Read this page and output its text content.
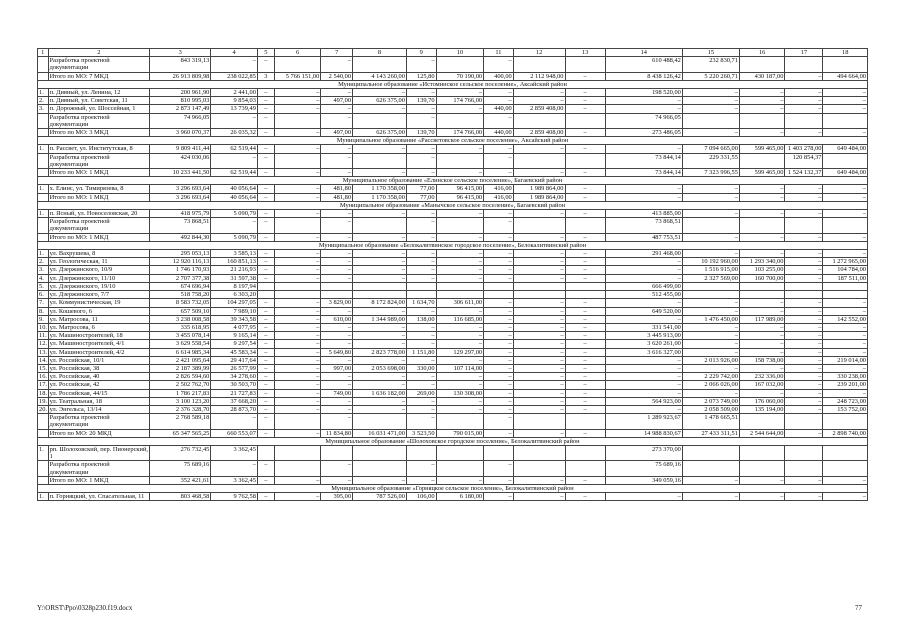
1	2	3	4	5	6	7	8	9	10	11	12	13	14	15	16	17	18
	Разработка проектной документации	843 319,13	–	–		–		–		–			610 488,42	232 830,71			
	Итого по МО: 7 МКД	26 913 809,98	238 022,85	3	5 766 151,00	2 540,00	4 143 260,00	125,80	70 190,00	400,00	2 112 948,00	–	8 438 126,42	5 220 260,71	430 187,00	–	494 664,00
Муниципальное образование «Истоминское сельское поселение», Аксайский район																	
1.	п. Дивный, ул. Ленина, 12	200 961,90	2 441,00	–	–	–	–	–	–	–	–	–	198 520,00	–	–	–	–
2.	п. Дивный, ул. Советская, 11	810 995,03	9 854,03	–	–	497,00	626 375,00	139,70	174 766,00	–	–	–	–	–	–	–	–
3.	п. Дорожный, ул. Шоссейная, 1	2 873 147,49	13 739,49	–	–	–	–	–	–	440,00	2 859 408,00	–	–	–	–	–	–
	Разработка проектной документации	74 966,05	–	–		–		–		–			74 966,05				
	Итого по МО: 3 МКД	3 960 070,37	26 035,32	–	–	497,00	626 375,00	139,70	174 766,00	440,00	2 859 408,00	–	273 486,05	–	–	–	–
Муниципальное образование «Рассветовское сельское поселение», Аксайский район																	
1.	п. Рассвет, ул. Институтская, 8	9 809 411,44	62 519,44	–	–	–	–	–	–	–	–	–	–	7 094 665,00	599 465,00	1 403 278,00	649 484,00
	Разработка проектной документации	424 030,06	–	–		–		–		–			73 844,14	229 331,55		120 854,37	
	Итого по МО: 1 МКД	10 233 441,50	62 519,44	–	–	–	–	–	–	–	–	–	73 844,14	7 323 996,55	599 465,00	1 524 132,37	649 484,00
Муниципальное образование «Елинское сельское поселение», Багаевский район																	
1.	х. Елинс, ул. Тимирязева, 8	3 296 693,64	40 056,64	–	–	481,80	1 170 358,00	77,00	96 415,00	416,00	1 989 864,00	–	–	–	–	–	–
	Итого по МО: 1 МКД	3 296 693,64	40 056,64	–	–	481,80	1 170 358,00	77,00	96 415,00	416,00	1 989 864,00	–	–	–	–	–	–
Муниципальное образование «Манычское сельское поселение», Багаевский район																	
1.	п. Ясный, ул. Новоселовская, 20	418 975,79	5 090,79	–	–	–	–	–	–	–	–	–	413 885,00	–	–	–	–
	Разработка проектной документации	73 868,51	–	–		–		–		–			73 868,51				
	Итого по МО: 1 МКД	492 844,30	5 090,79	–	–	–	–	–	–	–	–	–	487 753,51	–	–	–	–
Муниципальное образование «Белокалитвинское городское поселение», Белокалитвинский район																	
1.	ул. Вахрушева, 8	295 053,13	3 585,13	–	–	–	–	–	–	–	–	–	291 468,00	–	–	–	–
2.	ул. Геологическая, 11	12 920 116,13	160 851,13	–	–	–	–	–	–	–	–	–	–	10 192 960,00	1 293 340,00	–	1 272 965,00
3.	ул. Дзержинского, 10/9	1 746 170,93	21 216,93	–	–	–	–	–	–	–	–	–	–	1 516 915,00	103 255,00	–	104 784,00
4.	ул. Дзержинского, 11/10	2 707 377,38	31 597,38	–	–	–	–	–	–	–	–	–	–	2 327 569,00	160 700,00	–	187 511,00
5.	ул. Дзержинского, 19/10	674 696,94	8 197,94										666 499,00				
6.	ул. Дзержинского, 7/7	518 758,20	6 303,20										512 455,00				
7.	ул. Коммунистическая, 19	8 583 732,05	104 297,05	–	–	3 829,00	8 172 824,00	1 634,70	306 611,00	–	–	–	–	–	–	–	–
8.	ул. Кошевого, 6	657 509,10	7 989,10	–	–	–	–	–	–	–	–	–	649 520,00	–	–	–	–
9.	ул. Матросова, 11	3 238 008,58	39 343,58	–	–	610,00	1 344 989,00	138,00	116 685,00	–	–	–	–	1 476 450,00	117 989,00	–	142 552,00
10.	ул. Матросова, 6	335 618,95	4 077,95	–	–	–	–	–	–	–	–	–	331 541,00	–	–	–	–
11.	ул. Машиностроителей, 18	3 455 078,14	9 165,14	–	–	–	–	–	–	–	–	–	3 445 913,00	–	–	–	–
12.	ул. Машиностроителей, 4/1	3 629 558,54	9 297,54	–	–	–	–	–	–	–	–	–	3 620 261,00	–	–	–	–
13.	ул. Машиностроителей, 4/2	6 614 985,34	45 583,34	–	–	5 649,80	2 823 778,00	1 151,80	129 297,00	–	–	–	3 616 327,00	–	–	–	–
14.	ул. Российская, 10/1	2 421 095,64	29 417,64	–	–	–	–	–	–	–	–	–	–	2 013 926,00	158 738,00	–	219 014,00
15.	ул. Российская, 38	2 187 389,99	26 577,99	–	–	997,00	2 053 698,00	330,00	107 114,00	–	–	–	–	–	–	–	–
16.	ул. Российская, 40	2 826 594,60	34 278,60	–	–	–	–	–	–	–	–	–	–	2 229 742,00	232 336,00	–	330 238,00
17.	ул. Российская, 42	2 502 762,70	30 503,70	–	–	–	–	–	–	–	–	–	–	2 066 026,00	167 032,00	–	239 201,00
18.	ул. Российская, 44/15	1 786 217,83	21 727,83	–	–	749,00	1 636 182,00	269,00	130 308,00	–	–	–	–	–	–	–	–
19.	ул. Театральная, 18	3 100 123,20	37 668,20	–	–	–	–	–	–	–	–	–	564 923,00	2 073 749,00	176 060,00	–	248 723,00
20.	ул. Энгельса, 13/14	2 376 328,70	28 873,70	–	–	–	–	–	–	–	–	–	–	2 058 509,00	135 194,00	–	153 752,00
	Разработка проектной документации	2 768 589,18	–	–		–		–		–			1 289 923,67	1 478 665,51			
	Итого по МО: 20 МКД	65 347 565,25	660 553,07	–	–	11 834,80	16 031 471,00	3 523,50	790 015,00	–	–	–	14 988 830,67	27 433 311,51	2 544 644,00	–	2 898 740,00
Муниципальное образование «Шолоховское городское поселение», Белокалитвинский район																	
1.	рп. Шолоховский, пер. Пионерский, 1	276 732,45	3 362,45										273 370,00				
	Разработка проектной документации	75 689,16	–	–		–		–		–			75 689,16				
	Итого по МО: 1 МКД	352 421,61	3 362,45	–	–	–	–	–	–	–	–	–	349 059,16	–	–	–	–
Муниципальное образование «Горняцкое сельское поселение», Белокалитвинский район																	
1.	п. Горняцкий, ул. Спасательная, 11	803 468,58	9 762,58	–	–	395,00	787 526,00	106,00	6 180,00	–	–	–	–	–	–	–	–
Y:\ORST\Ppo\0328p230.f19.docx	77
